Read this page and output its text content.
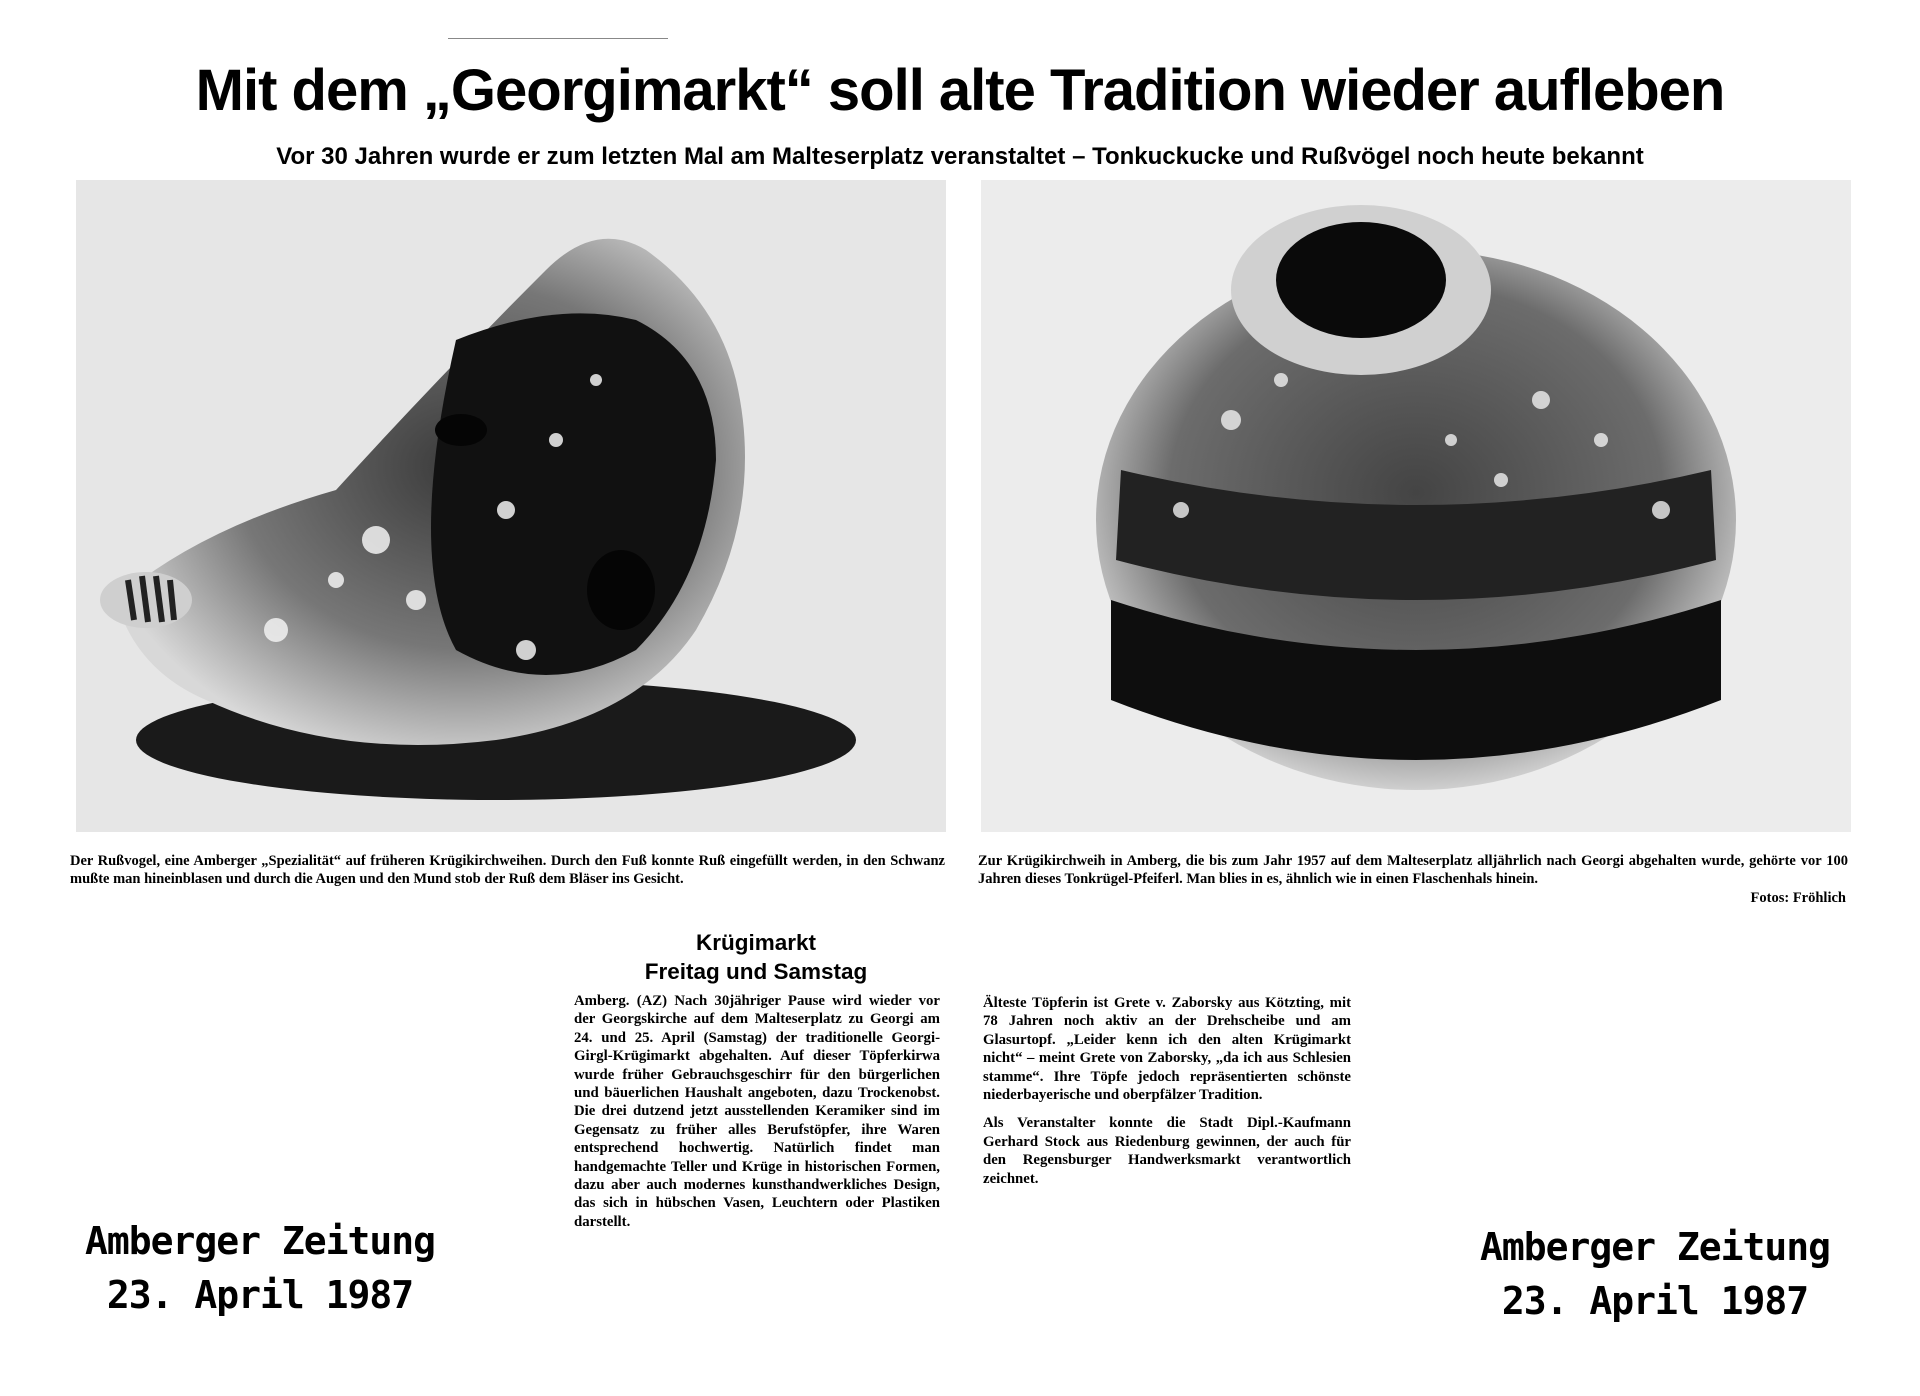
Mit dem „Georgimarkt“ soll alte Tradition wieder aufleben
Vor 30 Jahren wurde er zum letzten Mal am Malteserplatz veranstaltet – Tonkuckucke und Rußvögel noch heute bekannt
Der Rußvogel, eine Amberger „Spezialität“ auf früheren Krügikirchweihen. Durch den Fuß konnte Ruß eingefüllt werden, in den Schwanz mußte man hineinblasen und durch die Augen und den Mund stob der Ruß dem Bläser ins Gesicht.
Zur Krügikirchweih in Amberg, die bis zum Jahr 1957 auf dem Malteserplatz alljährlich nach Georgi abgehalten wurde, gehörte vor 100 Jahren dieses Tonkrügel-Pfeiferl. Man blies in es, ähnlich wie in einen Flaschenhals hinein.
Fotos: Fröhlich
Krügimarkt
Freitag und Samstag

Amberg. (AZ) Nach 30jähriger Pause wird wieder vor der Georgskirche auf dem Malteserplatz zu Georgi am 24. und 25. April (Samstag) der traditionelle Georgi-Girgl-Krügimarkt abgehalten. Auf dieser Töpferkirwa wurde früher Gebrauchsgeschirr für den bürgerlichen und bäuerlichen Haushalt angeboten, dazu Trockenobst. Die drei dutzend jetzt ausstellenden Keramiker sind im Gegensatz zu früher alles Berufstöpfer, ihre Waren entsprechend hochwertig. Natürlich findet man handgemachte Teller und Krüge in historischen Formen, dazu aber auch modernes kunsthandwerkliches Design, das sich in hübschen Vasen, Leuchtern oder Plastiken darstellt.

Älteste Töpferin ist Grete v. Zaborsky aus Kötzting, mit 78 Jahren noch aktiv an der Drehscheibe und am Glasurtopf. „Leider kenn ich den alten Krügimarkt nicht“ – meint Grete von Zaborsky, „da ich aus Schlesien stamme“. Ihre Töpfe jedoch repräsentierten schönste niederbayerische und oberpfälzer Tradition.

Als Veranstalter konnte die Stadt Dipl.-Kaufmann Gerhard Stock aus Riedenburg gewinnen, der auch für den Regensburger Handwerksmarkt verantwortlich zeichnet.

Amberger Zeitung
23. April 1987
Amberger Zeitung
23. April 1987
